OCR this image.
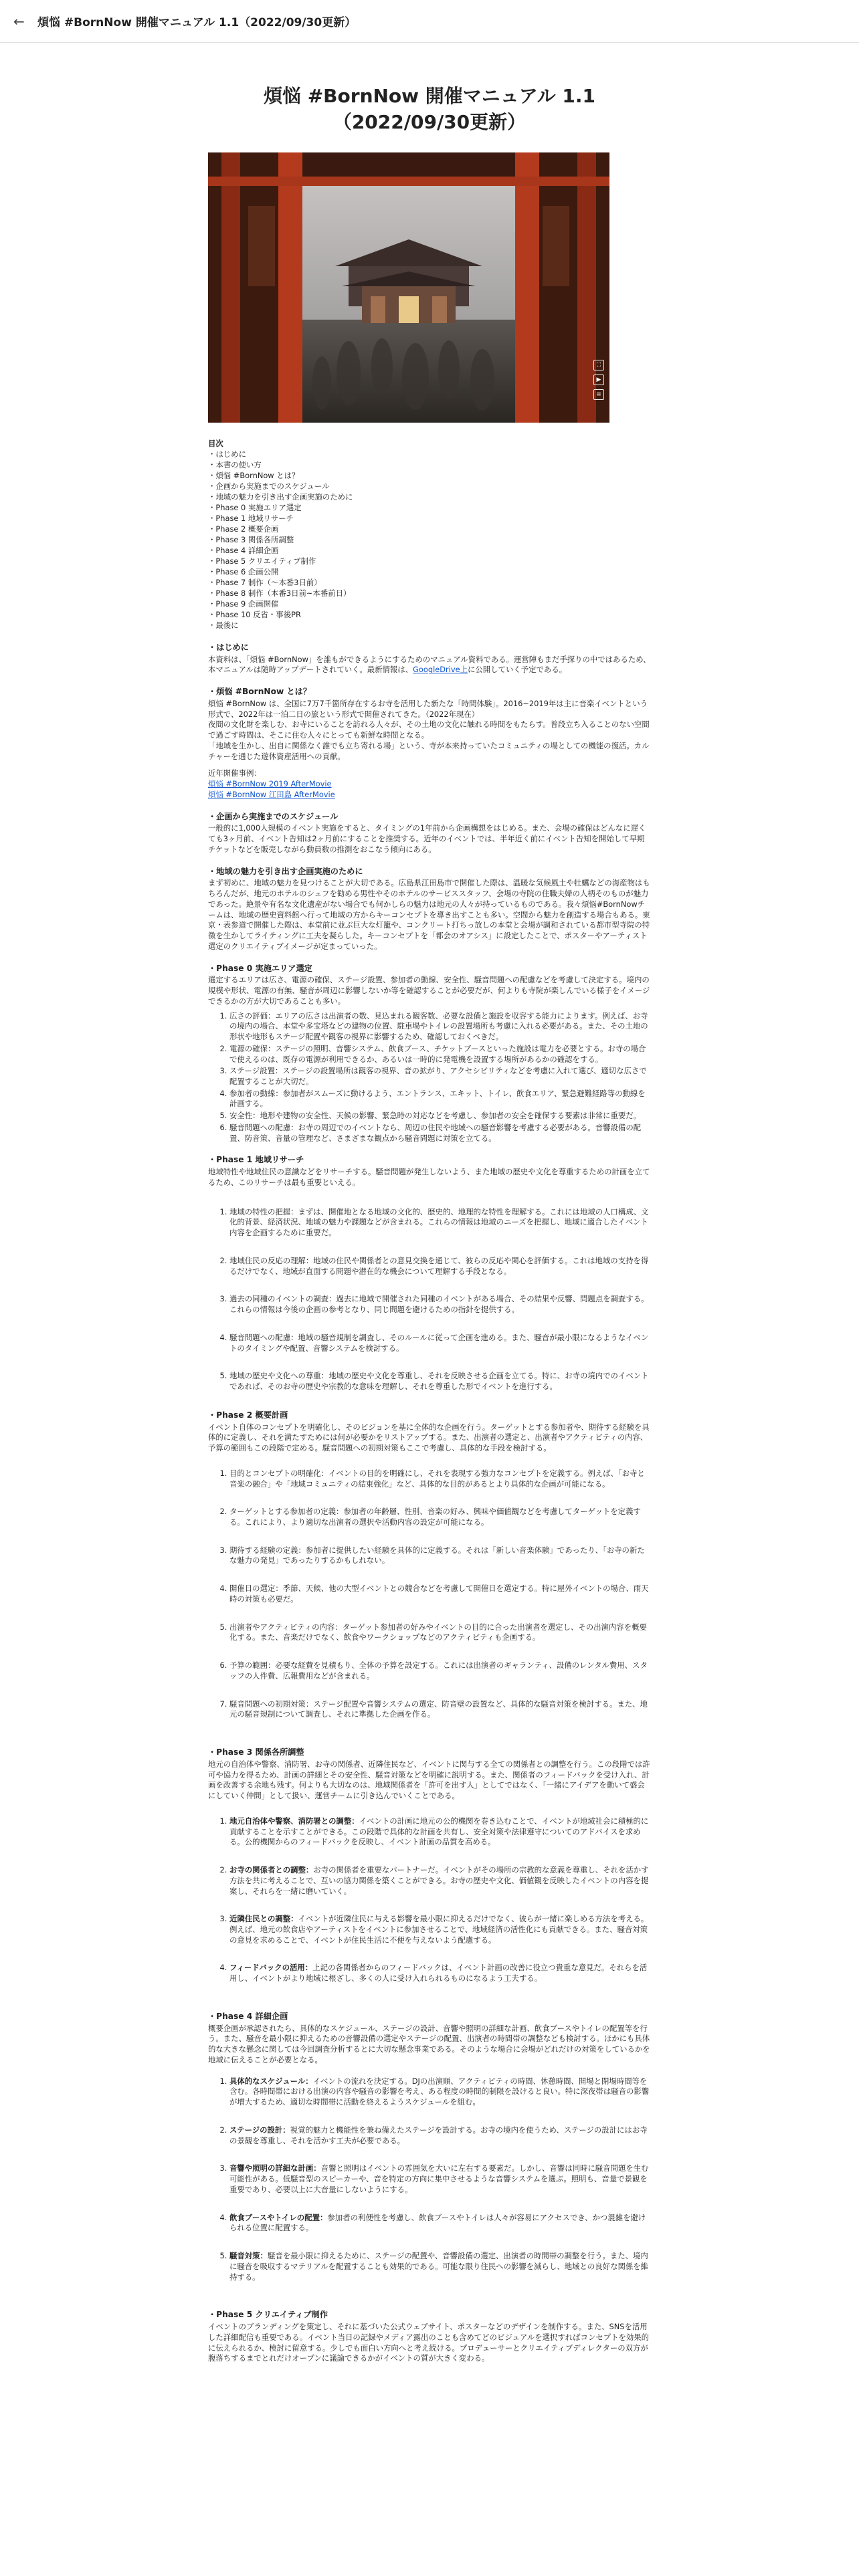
←	煩悩 #BornNow 開催マニュアル 1.1（2022/09/30更新）
煩悩 #BornNow 開催マニュアル 1.1
（2022/09/30更新）
⛶
▶
≡
目次
・はじめに
・本書の使い方
・煩悩 #BornNow とは？
・企画から実施までのスケジュール
・地域の魅力を引き出す企画実施のために
・Phase 0 実施エリア選定
・Phase 1 地域リサーチ
・Phase 2 概要企画
・Phase 3 関係各所調整
・Phase 4 詳細企画
・Phase 5 クリエイティブ制作
・Phase 6 企画公開
・Phase 7 制作（～本番3日前）
・Phase 8 制作（本番3日前~本番前日）
・Phase 9 企画開催
・Phase 10 反省・事後PR
・最後に
・はじめに

本資料は、「煩悩 #BornNow」を誰もができるようにするためのマニュアル資料である。運営陣もまだ手探りの中ではあるため、本マニュアルは随時アップデートされていく。最新情報は、GoogleDrive上に公開していく予定である。

・煩悩 #BornNow とは？
煩悩 #BornNow は、全国に7万7千箇所存在するお寺を活用した新たな「時間体験」。2016~2019年は主に音楽イベントという形式で、2022年は一泊二日の旅という形式で開催されてきた。（2022年現在）
夜間の文化財を楽しむ、お寺にいることを訪れる人々が、その土地の文化に触れる時間をもたらす。普段立ち入ることのない空間で過ごす時間は、そこに住む人々にとっても新鮮な時間となる。

「地域を生かし、出自に関係なく誰でも立ち寄れる場」という、寺が本来持っていたコミュニティの場としての機能の復活。カルチャーを通じた遊休資産活用への貢献。

近年開催事例：
煩悩 #BornNow 2019 AfterMovie
煩悩 #BornNow 江田島 AfterMovie
・企画から実施までのスケジュール

一般的に1,000人規模のイベント実施をすると、タイミングの1年前から企画構想をはじめる。また、会場の確保はどんなに遅くても3ヶ月前、イベント告知は2ヶ月前にすることを推奨する。近年のイベントでは、半年近く前にイベント告知を開始して早期チケットなどを販売しながら動員数の推測をおこなう傾向にある。

・地域の魅力を引き出す企画実施のために

まず初めに、地域の魅力を見つけることが大切である。広島県江田島市で開催した際は、温暖な気候風土や牡蠣などの海産物はもちろんだが、地元のホテルのシェフを勧める男性やそのホテルのサービススタッフ、会場の寺院の住職夫婦の人柄そのものが魅力であった。絶景や有名な文化遺産がない場合でも何かしらの魅力は地元の人々が持っているものである。我々煩悩#BornNowチームは、地域の歴史資料館へ行って地域の方からキーコンセプトを導き出すことも多い。空間から魅力を創造する場合もある。東京・表参道で開催した際は、本堂前に並ぶ巨大な灯籠や、コンクリート打ちっ放しの本堂と会場が調和されている都市型寺院の特徴を生かしてライティングに工夫を凝らした。キーコンセプトを「都会のオアシス」に設定したことで、ポスターやアーティスト選定のクリエイティブイメージが定まっていった。

・Phase 0 実施エリア選定
選定するエリアは広さ、電源の確保、ステージ設置、参加者の動線、安全性、騒音問題への配慮などを考慮して決定する。境内の規模や形状、電源の有無、騒音が周辺に影響しないか等を確認することが必要だが、何よりも寺院が楽しんでいる様子をイメージできるかの方が大切であることも多い。
1. 広さの評価：エリアの広さは出演者の数、見込まれる観客数、必要な設備と施設を収容する能力によります。例えば、お寺の境内の場合、本堂や多宝塔などの建物の位置、駐車場やトイレの設置場所も考慮に入れる必要がある。また、その土地の形状や地形もステージ配置や観客の視界に影響するため、確認しておくべきだ。
2. 電源の確保：ステージの照明、音響システム、飲食ブース、チケットブースといった施設は電力を必要とする。お寺の場合で使えるのは、既存の電源が利用できるか、あるいは一時的に発電機を設置する場所があるかの確認をする。
3. ステージ設置：ステージの設置場所は観客の視界、音の拡がり、アクセシビリティなどを考慮に入れて選び、適切な広さで配置することが大切だ。
4. 参加者の動線：参加者がスムーズに動けるよう、エントランス、エキット、トイレ、飲食エリア、緊急避難経路等の動線を計画する。
5. 安全性：地形や建物の安全性、天候の影響、緊急時の対応などを考慮し、参加者の安全を確保する要素は非常に重要だ。
6. 騒音問題への配慮：お寺の周辺でのイベントなら、周辺の住民や地域への騒音影響を考慮する必要がある。音響設備の配置、防音策、音量の管理など、さまざまな観点から騒音問題に対策を立てる。
・Phase 1 地域リサーチ
地域特性や地域住民の意識などをリサーチする。騒音問題が発生しないよう、また地域の歴史や文化を尊重するための計画を立てるため、このリサーチは最も重要といえる。
1. 地域の特性の把握：まずは、開催地となる地域の文化的、歴史的、地理的な特性を理解する。これには地域の人口構成、文化的背景、経済状況、地域の魅力や課題などが含まれる。これらの情報は地域のニーズを把握し、地域に適合したイベント内容を企画するために重要だ。
2. 地域住民の反応の理解：地域の住民や関係者との意見交換を通じて、彼らの反応や関心を評価する。これは地域の支持を得るだけでなく、地域が直面する問題や潜在的な機会について理解する手段となる。
3. 過去の同種のイベントの調査：過去に地域で開催された同種のイベントがある場合、その結果や反響、問題点を調査する。これらの情報は今後の企画の参考となり、同じ問題を避けるための指針を提供する。
4. 騒音問題への配慮：地域の騒音規制を調査し、そのルールに従って企画を進める。また、騒音が最小限になるようなイベントのタイミングや配置、音響システムを検討する。
5. 地域の歴史や文化への尊重：地域の歴史や文化を尊重し、それを反映させる企画を立てる。特に、お寺の境内でのイベントであれば、そのお寺の歴史や宗教的な意味を理解し、それを尊重した形でイベントを進行する。
・Phase 2 概要計画
イベント自体のコンセプトを明確化し、そのビジョンを基に全体的な企画を行う。ターゲットとする参加者や、期待する経験を具体的に定義し、それを満たすためには何が必要かをリストアップする。また、出演者の選定と、出演者やアクティビティの内容、予算の範囲もこの段階で定める。騒音問題への初期対策もここで考慮し、具体的な手段を検討する。
1. 目的とコンセプトの明確化：イベントの目的を明確にし、それを表現する強力なコンセプトを定義する。例えば、「お寺と音楽の融合」や「地域コミュニティの結束強化」など、具体的な目的があるとより具体的な企画が可能になる。
2. ターゲットとする参加者の定義：参加者の年齢層、性別、音楽の好み、興味や価値観などを考慮してターゲットを定義する。これにより、より適切な出演者の選択や活動内容の設定が可能になる。
3. 期待する経験の定義：参加者に提供したい経験を具体的に定義する。それは「新しい音楽体験」であったり、「お寺の新たな魅力の発見」であったりするかもしれない。
4. 開催日の選定：季節、天候、他の大型イベントとの競合などを考慮して開催日を選定する。特に屋外イベントの場合、雨天時の対策も必要だ。
5. 出演者やアクティビティの内容：ターゲット参加者の好みやイベントの目的に合った出演者を選定し、その出演内容を概要化する。また、音楽だけでなく、飲食やワークショップなどのアクティビティも企画する。
6. 予算の範囲：必要な経費を見積もり、全体の予算を設定する。これには出演者のギャランティ、設備のレンタル費用、スタッフの人件費、広報費用などが含まれる。
7. 騒音問題への初期対策：ステージ配置や音響システムの選定、防音壁の設置など、具体的な騒音対策を検討する。また、地元の騒音規制について調査し、それに準拠した企画を作る。
・Phase 3 関係各所調整
地元の自治体や警察、消防署、お寺の関係者、近隣住民など、イベントに関与する全ての関係者との調整を行う。この段階では許可や協力を得るため、計画の詳細とその安全性、騒音対策などを明確に説明する。また、関係者のフィードバックを受け入れ、計画を改善する余地も残す。何よりも大切なのは、地域関係者を「許可を出す人」としてではなく、「一緒にアイデアを動いて盛会にしていく仲間」として扱い、運営チームに引き込んでいくことである。
1. 地元自治体や警察、消防署との調整：イベントの計画に地元の公的機関を巻き込むことで、イベントが地域社会に積極的に貢献することを示すことができる。この段階で具体的な計画を共有し、安全対策や法律遵守についてのアドバイスを求める。公的機関からのフィードバックを反映し、イベント計画の品質を高める。
2. お寺の関係者との調整：お寺の関係者を重要なパートナーだ。イベントがその場所の宗教的な意義を尊重し、それを活かす方法を共に考えることで、互いの協力関係を築くことができる。お寺の歴史や文化、価値観を反映したイベントの内容を提案し、それらを一緒に磨いていく。
3. 近隣住民との調整：イベントが近隣住民に与える影響を最小限に抑えるだけでなく、彼らが一緒に楽しめる方法を考える。例えば、地元の飲食店やアーティストをイベントに参加させることで、地域経済の活性化にも貢献できる。また、騒音対策の意見を求めることで、イベントが住民生活に不便を与えないよう配慮する。
4. フィードバックの活用：上記の各関係者からのフィードバックは、イベント計画の改善に役立つ貴重な意見だ。それらを活用し、イベントがより地域に根ざし、多くの人に受け入れられるものになるよう工夫する。
・Phase 4 詳細企画
概要企画が承認されたら、具体的なスケジュール、ステージの設計、音響や照明の詳細な計画、飲食ブースやトイレの配置等を行う。また、騒音を最小限に抑えるための音響設備の選定やステージの配置、出演者の時間帯の調整なども検討する。ほかにも具体的な大きな懸念に関しては今回調査分析するとに大切な懸念事業である。そのような場合に会場がどれだけの対策をしているかを地域に伝えることが必要となる。
1. 具体的なスケジュール：イベントの流れを決定する。DJの出演順、アクティビティの時間、休憩時間、開場と閉場時間等を含む。各時間帯における出演の内容や騒音の影響を考え、ある程度の時間的制限を設けると良い。特に深夜帯は騒音の影響が増大するため、適切な時間帯に活動を終えるようスケジュールを組む。
2. ステージの設計：視覚的魅力と機能性を兼ね備えたステージを設計する。お寺の境内を使うため、ステージの設計にはお寺の景観を尊重し、それを活かす工夫が必要である。
3. 音響や照明の詳細な計画：音響と照明はイベントの雰囲気を大いに左右する要素だ。しかし、音響は同時に騒音問題を生む可能性がある。低騒音型のスピーカーや、音を特定の方向に集中させるような音響システムを選ぶ。照明も、音量で景観を重要であり、必要以上に大音量にしないようにする。
4. 飲食ブースやトイレの配置：参加者の利便性を考慮し、飲食ブースやトイレは人々が容易にアクセスでき、かつ混雑を避けられる位置に配置する。
5. 騒音対策：騒音を最小限に抑えるために、ステージの配置や、音響設備の選定、出演者の時間帯の調整を行う。また、境内に騒音を吸収するマテリアルを配置することも効果的である。可能な限り住民への影響を減らし、地域との良好な関係を維持する。
・Phase 5 クリエイティブ制作
イベントのブランディングを策定し、それに基づいた公式ウェブサイト、ポスターなどのデザインを制作する。また、SNSを活用した詳細配信も重要である。イベント当日の記録やメディア露出のことも含めてどのビジュアルを選択すればコンセプトを効果的に伝えられるか、検討に留意する。少しでも面白い方向へと考え続ける。プロデューサーとクリエイティブディレクターの双方が腹落ちするまでとれだけオープンに議論できるかがイベントの質が大きく変わる。
